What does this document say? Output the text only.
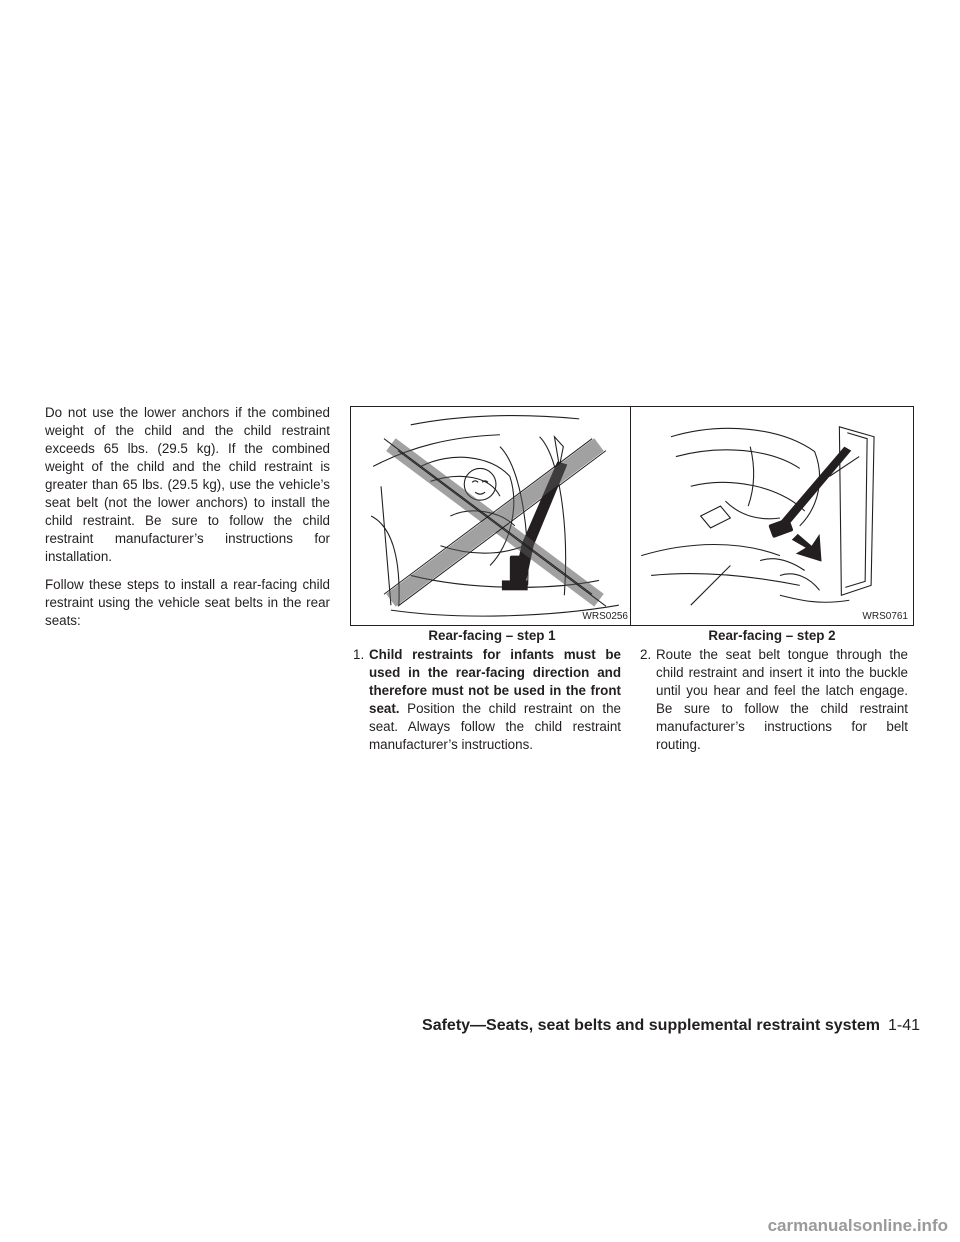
Do not use the lower anchors if the combined weight of the child and the child restraint exceeds 65 lbs. (29.5 kg). If the combined weight of the child and the child restraint is greater than 65 lbs. (29.5 kg), use the vehicle’s seat belt (not the lower anchors) to install the child restraint. Be sure to follow the child restraint manufacturer’s instructions for installation.

Follow these steps to install a rear-facing child restraint using the vehicle seat belts in the rear seats:	WRS0256
Rear-facing – step 1
WRS0761
Rear-facing – step 2
1. Child restraints for infants must be used in the rear-facing direction and therefore must not be used in the front seat. Position the child restraint on the seat. Always follow the child restraint manufacturer’s instructions.
2. Route the seat belt tongue through the child restraint and insert it into the buckle until you hear and feel the latch engage. Be sure to follow the child restraint manufacturer’s instructions for belt routing.
Safety—Seats, seat belts and supplemental restraint system 1-41
carmanualsonline.info
